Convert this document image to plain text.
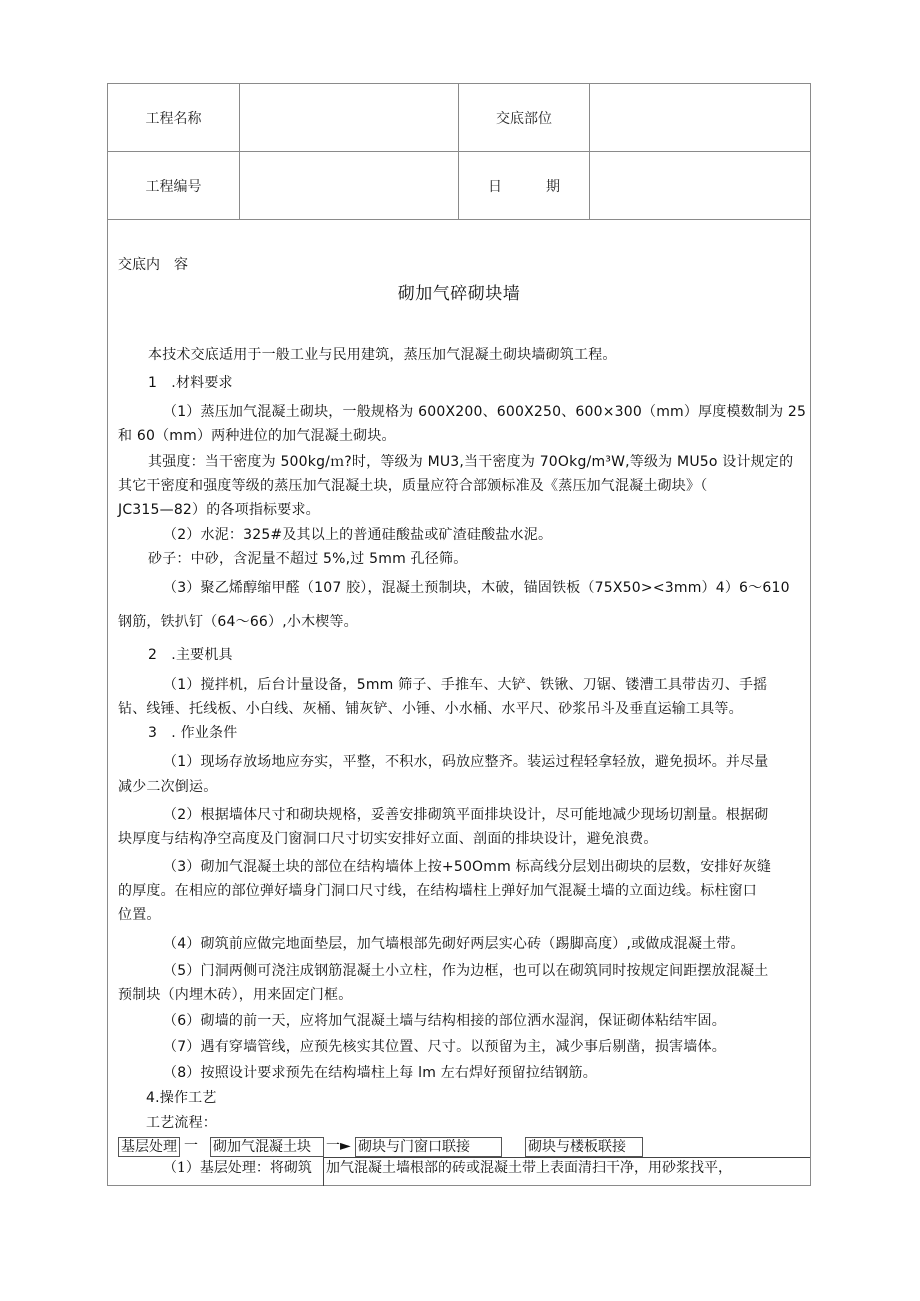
工程名称		交底部位	
工程编号		日 期	
交底内　容
砌加气碎砌块墙
本技术交底适用于一般工业与民用建筑，蒸压加气混凝土砌块墙砌筑工程。
1　.材料要求
（1）蒸压加气混凝土砌块，一般规格为 600X200、600X250、600×300（mm）厚度模数制为 25
和 60（mm）两种进位的加气混凝土砌块。
其强度：当干密度为 500kg/ｍ?时，等级为 MU3,当干密度为 70Okg/m³W,等级为 MU5o 设计规定的
其它干密度和强度等级的蒸压加气混凝土块，质量应符合部颁标准及《蒸压加气混凝土砌块》（
JC315—82）的各项指标要求。
（2）水泥：325#及其以上的普通硅酸盐或矿渣硅酸盐水泥。
砂子：中砂，含泥量不超过 5%,过 5mm 孔径筛。
（3）聚乙烯醇缩甲醛（107 胶），混凝土预制块，木破，锚固铁板（75X50><3mm）4）6～610
钢筋，铁扒钉（64～66）,小木楔等。
2　.主要机具
（1）搅拌机，后台计量设备，5mm 筛子、手推车、大铲、铁锹、刀锯、镂漕工具带齿刃、手摇
钻、线锤、托线板、小白线、灰桶、铺灰铲、小锤、小水桶、水平尺、砂浆吊斗及垂直运输工具等。
3　. 作业条件
（1）现场存放场地应夯实，平整，不积水，码放应整齐。装运过程轻拿轻放，避免损坏。并尽量
减少二次倒运。
（2）根据墙体尺寸和砌块规格，妥善安排砌筑平面排块设计，尽可能地减少现场切割量。根据砌
块厚度与结构净空高度及门窗洞口尺寸切实安排好立面、剖面的排块设计，避免浪费。
（3）砌加气混凝土块的部位在结构墙体上按+50Omm 标高线分层划出砌块的层数，安排好灰缝
的厚度。在相应的部位弹好墙身门洞口尺寸线，在结构墙柱上弹好加气混凝土墙的立面边线。标柱窗口
位置。
（4）砌筑前应做完地面垫层，加气墙根部先砌好两层实心砖（踢脚高度）,或做成混凝土带。
（5）门洞两侧可浇注成钢筋混凝土小立柱，作为边框，也可以在砌筑同时按规定间距摆放混凝土
预制块（内埋木砖），用来固定门框。
（6）砌墙的前一天，应将加气混凝土墙与结构相接的部位洒水湿润，保证砌体粘结牢固。
（7）遇有穿墙管线，应预先核实其位置、尺寸。以预留为主，减少事后剔凿，损害墙体。
（8）按照设计要求预先在结构墙柱上每 lm 左右焊好预留拉结钢筋。
4.操作工艺
工艺流程：
基层处理 一 砌加气混凝土块	一► 砌块与门窗口联接	砌块与楼板联接
（1）基层处理：将砌筑 加气混凝土墙根部的砖或混凝土带上表面清扫干净，用砂浆找平，
